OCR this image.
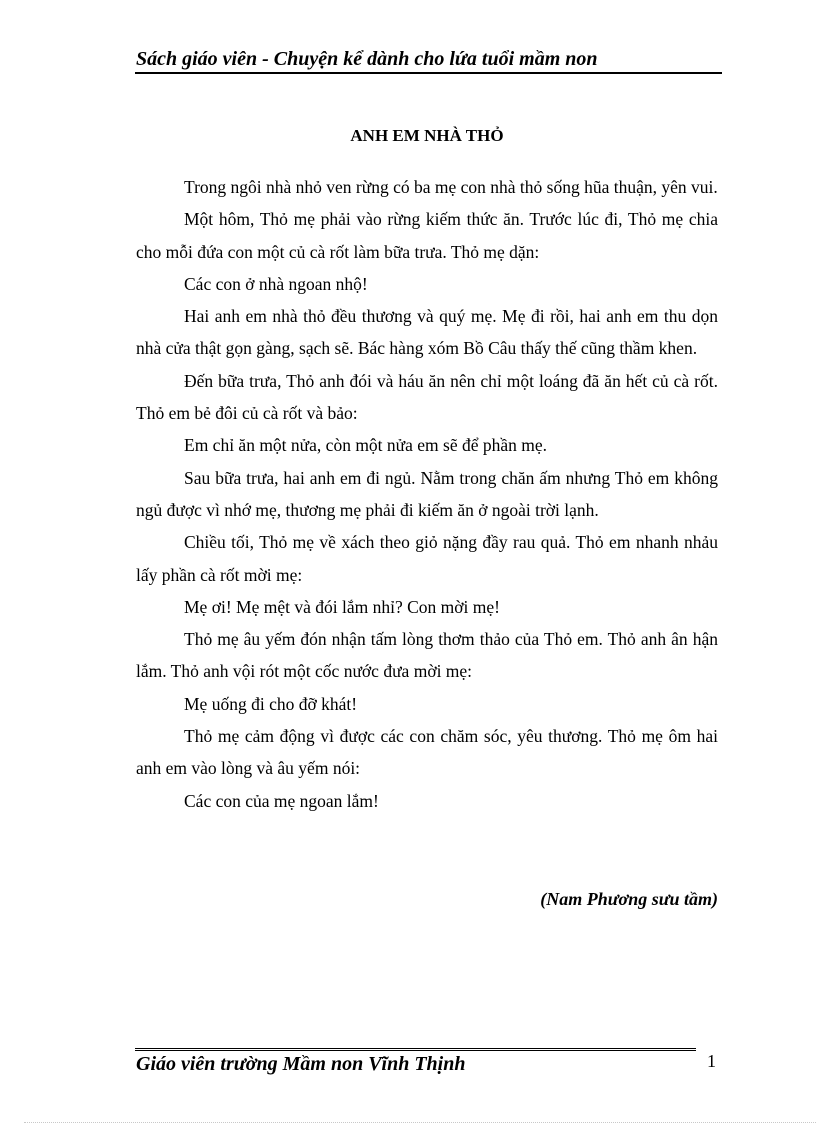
Sách giáo viên - Chuyện kể dành cho lứa tuổi mầm non
ANH EM NHÀ THỎ

Trong ngôi nhà nhỏ ven rừng có ba mẹ con nhà thỏ sống hũa thuận, yên vui.

Một hôm, Thỏ mẹ phải vào rừng kiếm thức ăn. Trước lúc đi, Thỏ mẹ chia cho mỗi đứa con một củ cà rốt làm bữa trưa. Thỏ mẹ dặn:

Các con ở nhà ngoan nhộ!

Hai anh em nhà thỏ đều thương và quý mẹ. Mẹ đi rồi, hai anh em thu dọn nhà cửa thật gọn gàng, sạch sẽ. Bác hàng xóm Bồ Câu thấy thế cũng thầm khen.

Đến bữa trưa, Thỏ anh đói và háu ăn nên chỉ một loáng đã ăn hết củ cà rốt. Thỏ em bẻ đôi củ cà rốt và bảo:

Em chỉ ăn một nửa, còn một nửa em sẽ để phần mẹ.

Sau bữa trưa, hai anh em đi ngủ. Nằm trong chăn ấm nhưng Thỏ em không ngủ được vì nhớ mẹ, thương mẹ phải đi kiếm ăn ở ngoài trời lạnh.

Chiều tối, Thỏ mẹ về xách theo giỏ nặng đầy rau quả. Thỏ em nhanh nhảu lấy phần cà rốt mời mẹ:

Mẹ ơi! Mẹ mệt và đói lắm nhỉ? Con mời mẹ!

Thỏ mẹ âu yếm đón nhận tấm lòng thơm thảo của Thỏ em. Thỏ anh ân hận lắm. Thỏ anh vội rót một cốc nước đưa mời mẹ:

Mẹ uống đi cho đỡ khát!

Thỏ mẹ cảm động vì được các con chăm sóc, yêu thương. Thỏ mẹ ôm hai anh em vào lòng và âu yếm nói:

Các con của mẹ ngoan lắm!

(Nam Phương sưu tầm)
Giáo viên trường Mầm non Vĩnh Thịnh	1
